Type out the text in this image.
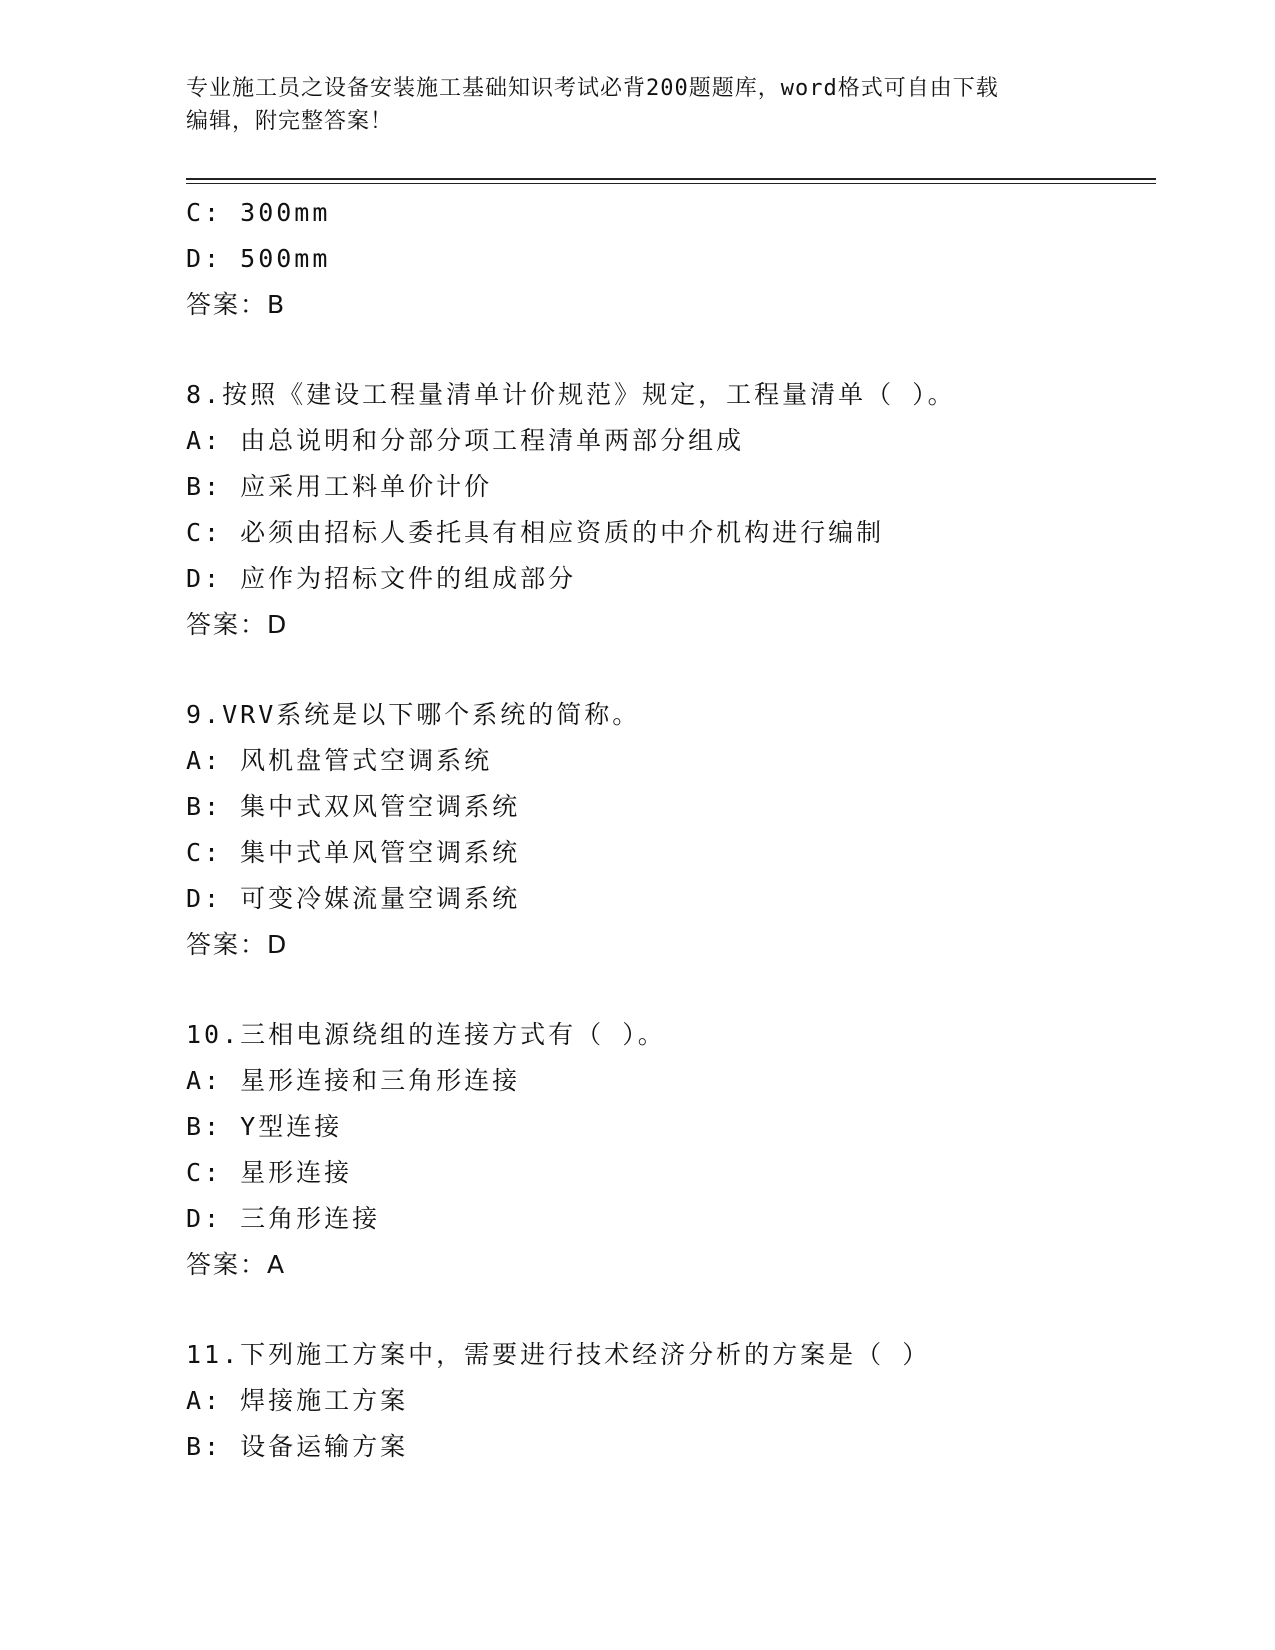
专业施工员之设备安装施工基础知识考试必背200题题库，word格式可自由下载
编辑，附完整答案！
C: 300mm
D: 500mm
答案：B
8.按照《建设工程量清单计价规范》规定，工程量清单（ ）。
A: 由总说明和分部分项工程清单两部分组成
B: 应采用工料单价计价
C: 必须由招标人委托具有相应资质的中介机构进行编制
D: 应作为招标文件的组成部分
答案：D
9.VRV系统是以下哪个系统的简称。
A: 风机盘管式空调系统
B: 集中式双风管空调系统
C: 集中式单风管空调系统
D: 可变冷媒流量空调系统
答案：D
10.三相电源绕组的连接方式有（ ）。
A: 星形连接和三角形连接
B: Y型连接
C: 星形连接
D: 三角形连接
答案：A
11.下列施工方案中，需要进行技术经济分析的方案是（ ）
A: 焊接施工方案
B: 设备运输方案
